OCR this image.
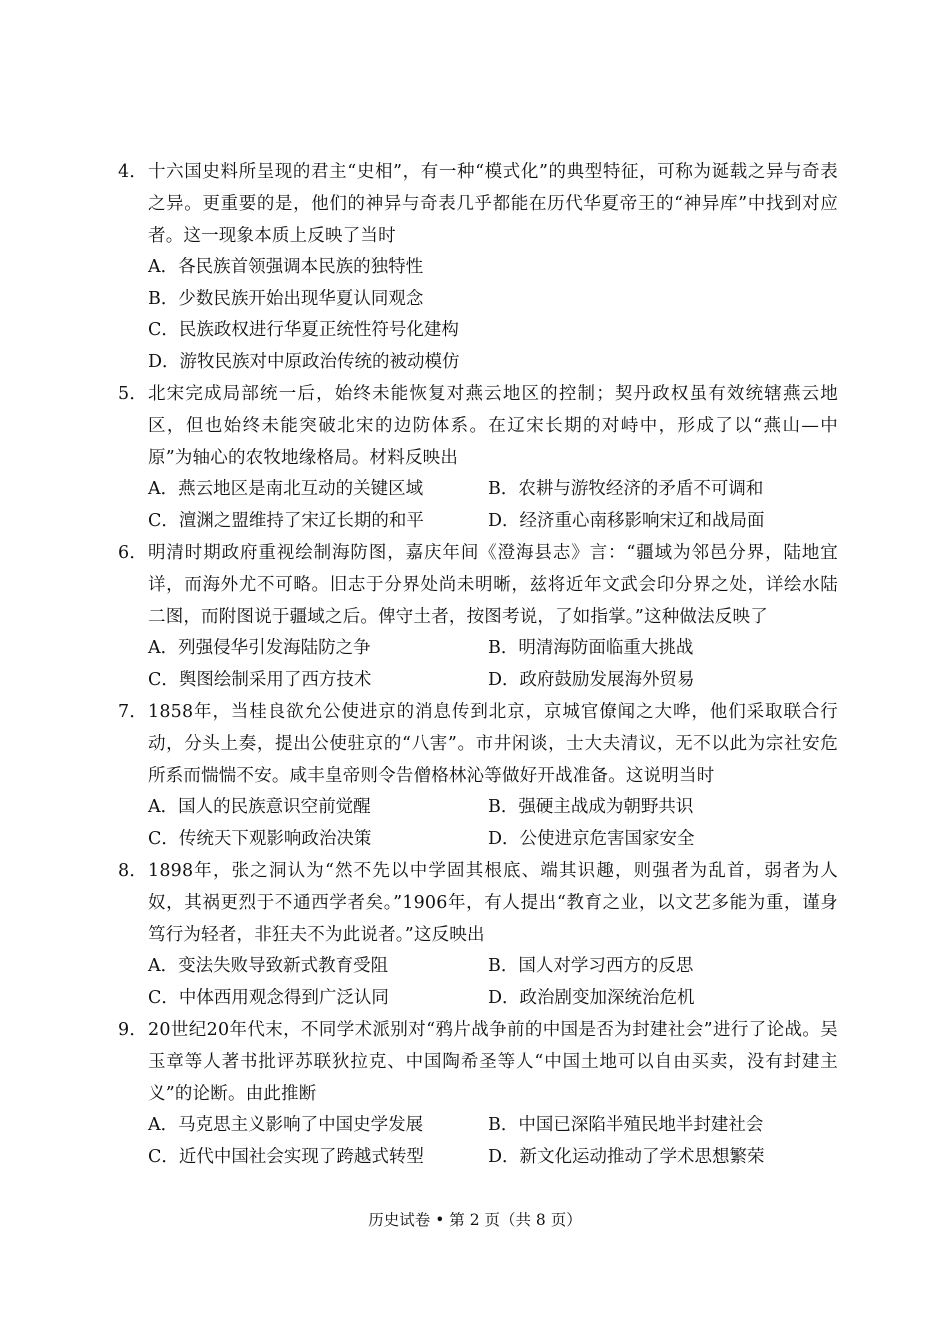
4． 十六国史料所呈现的君主“史相”，有一种“模式化”的典型特征，可称为诞载之异与奇表之异。更重要的是，他们的神异与奇表几乎都能在历代华夏帝王的“神异库”中找到对应者。这一现象本质上反映了当时
A．各民族首领强调本民族的独特性
B．少数民族开始出现华夏认同观念
C．民族政权进行华夏正统性符号化建构
D．游牧民族对中原政治传统的被动模仿
5． 北宋完成局部统一后，始终未能恢复对燕云地区的控制；契丹政权虽有效统辖燕云地区，但也始终未能突破北宋的边防体系。在辽宋长期的对峙中，形成了以“燕山—中原”为轴心的农牧地缘格局。材料反映出
A．燕云地区是南北互动的关键区域	B．农耕与游牧经济的矛盾不可调和
C．澶渊之盟维持了宋辽长期的和平	D．经济重心南移影响宋辽和战局面
6． 明清时期政府重视绘制海防图，嘉庆年间《澄海县志》言：“疆域为邻邑分界，陆地宜详，而海外尤不可略。旧志于分界处尚未明晰，兹将近年文武会印分界之处，详绘水陆二图，而附图说于疆域之后。俾守土者，按图考说，了如指掌。”这种做法反映了
A．列强侵华引发海陆防之争	B．明清海防面临重大挑战
C．舆图绘制采用了西方技术	D．政府鼓励发展海外贸易
7． 1858年，当桂良欲允公使进京的消息传到北京，京城官僚闻之大哗，他们采取联合行动，分头上奏，提出公使驻京的“八害”。市井闲谈，士大夫清议，无不以此为宗社安危所系而惴惴不安。咸丰皇帝则令告僧格林沁等做好开战准备。这说明当时
A．国人的民族意识空前觉醒	B．强硬主战成为朝野共识
C．传统天下观影响政治决策	D．公使进京危害国家安全
8． 1898年，张之洞认为“然不先以中学固其根底、端其识趣，则强者为乱首，弱者为人奴，其祸更烈于不通西学者矣。”1906年，有人提出“教育之业，以文艺多能为重，谨身笃行为轻者，非狂夫不为此说者。”这反映出
A．变法失败导致新式教育受阻	B．国人对学习西方的反思
C．中体西用观念得到广泛认同	D．政治剧变加深统治危机
9． 20世纪20年代末，不同学术派别对“鸦片战争前的中国是否为封建社会”进行了论战。吴玉章等人著书批评苏联狄拉克、中国陶希圣等人“中国土地可以自由买卖，没有封建主义”的论断。由此推断
A．马克思主义影响了中国史学发展	B．中国已深陷半殖民地半封建社会
C．近代中国社会实现了跨越式转型	D．新文化运动推动了学术思想繁荣
历史试卷 • 第 2 页（共 8 页）
